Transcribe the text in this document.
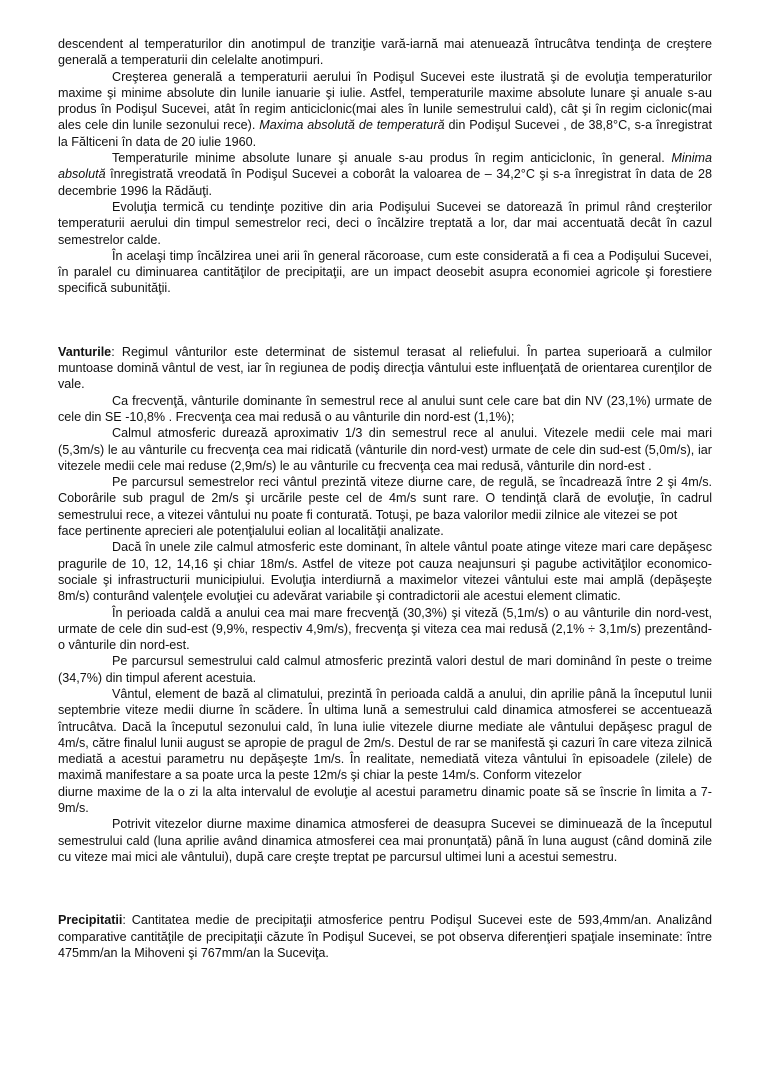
descendent al temperaturilor din anotimpul de tranziţie vară-iarnă mai atenuează întrucâtva tendinţa de creştere generală a temperaturii din celelalte anotimpuri.

Creşterea generală a temperaturii aerului în Podişul Sucevei este ilustrată şi de evoluţia temperaturilor maxime şi minime absolute din lunile ianuarie şi iulie. Astfel, temperaturile maxime absolute lunare şi anuale s-au produs în Podişul Sucevei, atât în regim anticiclonic(mai ales în lunile semestrului cald), cât şi în regim ciclonic(mai ales cele din lunile sezonului rece). Maxima absolută de temperatură din Podişul Sucevei , de 38,8°C, s-a înregistrat la Fălticeni în data de 20 iulie 1960.

Temperaturile minime absolute lunare şi anuale s-au produs în regim anticiclonic, în general. Minima absolută înregistrată vreodată în Podişul Sucevei a coborât la valoarea de – 34,2°C şi s-a înregistrat în data de 28 decembrie 1996 la Rădăuţi.

Evoluţia termică cu tendinţe pozitive din aria Podişului Sucevei se datorează în primul rând creşterilor temperaturii aerului din timpul semestrelor reci, deci o încălzire treptată a lor, dar mai accentuată decât în cazul semestrelor calde.

În acelaşi timp încălzirea unei arii în general răcoroase, cum este considerată a fi cea a Podişului Sucevei, în paralel cu diminuarea cantităţilor de precipitaţii, are un impact deosebit asupra economiei agricole şi forestiere specifică subunităţii.

Vanturile: Regimul vânturilor este determinat de sistemul terasat al reliefului. În partea superioară a culmilor muntoase domină vântul de vest, iar în regiunea de podiş direcţia vântului este influenţată de orientarea curenţilor de vale.

Ca frecvenţă, vânturile dominante în semestrul rece al anului sunt cele care bat din NV (23,1%) urmate de cele din SE -10,8% . Frecvenţa cea mai redusă o au vânturile din nord-est (1,1%);

Calmul atmosferic durează aproximativ 1/3 din semestrul rece al anului. Vitezele medii cele mai mari (5,3m/s) le au vânturile cu frecvenţa cea mai ridicată (vânturile din nord-vest) urmate de cele din sud-est (5,0m/s), iar vitezele medii cele mai reduse (2,9m/s) le au vânturile cu frecvenţa cea mai redusă, vânturile din nord-est .

Pe parcursul semestrelor reci vântul prezintă viteze diurne care, de regulă, se încadrează între 2 şi 4m/s. Coborârile sub pragul de 2m/s şi urcările peste cel de 4m/s sunt rare. O tendinţă clară de evoluţie, în cadrul semestrului rece, a vitezei vântului nu poate fi conturată. Totuşi, pe baza valorilor medii zilnice ale vitezei se pot

face pertinente aprecieri ale potenţialului eolian al localităţii analizate.

Dacă în unele zile calmul atmosferic este dominant, în altele vântul poate atinge viteze mari care depăşesc pragurile de 10, 12, 14,16 şi chiar 18m/s. Astfel de viteze pot cauza neajunsuri şi pagube activităţilor economico-sociale şi infrastructurii municipiului. Evoluţia interdiurnă a maximelor vitezei vântului este mai amplă (depăşeşte 8m/s) conturând valenţele evoluţiei cu adevărat variabile şi contradictorii ale acestui element climatic.

În perioada caldă a anului cea mai mare frecvenţă (30,3%) şi viteză (5,1m/s) o au vânturile din nord-vest, urmate de cele din sud-est (9,9%, respectiv 4,9m/s), frecvenţa şi viteza cea mai redusă (2,1% ÷ 3,1m/s) prezentând-o vânturile din nord-est.

Pe parcursul semestrului cald calmul atmosferic prezintă valori destul de mari dominând în peste o treime (34,7%) din timpul aferent acestuia.

Vântul, element de bază al climatului, prezintă în perioada caldă a anului, din aprilie până la începutul lunii septembrie viteze medii diurne în scădere. În ultima lună a semestrului cald dinamica atmosferei se accentuează întrucâtva. Dacă la începutul sezonului cald, în luna iulie vitezele diurne mediate ale vântului depăşesc pragul de 4m/s, către finalul lunii august se apropie de pragul de 2m/s. Destul de rar se manifestă şi cazuri în care viteza zilnică mediată a acestui parametru nu depăşeşte 1m/s. În realitate, nemediată viteza vântului în episoadele (zilele) de maximă manifestare a sa poate urca la peste 12m/s şi chiar la peste 14m/s. Conform vitezelor

diurne maxime de la o zi la alta intervalul de evoluţie al acestui parametru dinamic poate să se înscrie în limita a 7-9m/s.

Potrivit vitezelor diurne maxime dinamica atmosferei de deasupra Sucevei se diminuează de la începutul semestrului cald (luna aprilie având dinamica atmosferei cea mai pronunţată) până în luna august (când domină zile cu viteze mai mici ale vântului), după care creşte treptat pe parcursul ultimei luni a acestui semestru.

Precipitatii: Cantitatea medie de precipitaţii atmosferice pentru Podişul Sucevei este de 593,4mm/an. Analizând comparative cantităţile de precipitaţii căzute în Podişul Sucevei, se pot observa diferenţieri spaţiale inseminate: între 475mm/an la Mihoveni şi 767mm/an la Suceviţa.
